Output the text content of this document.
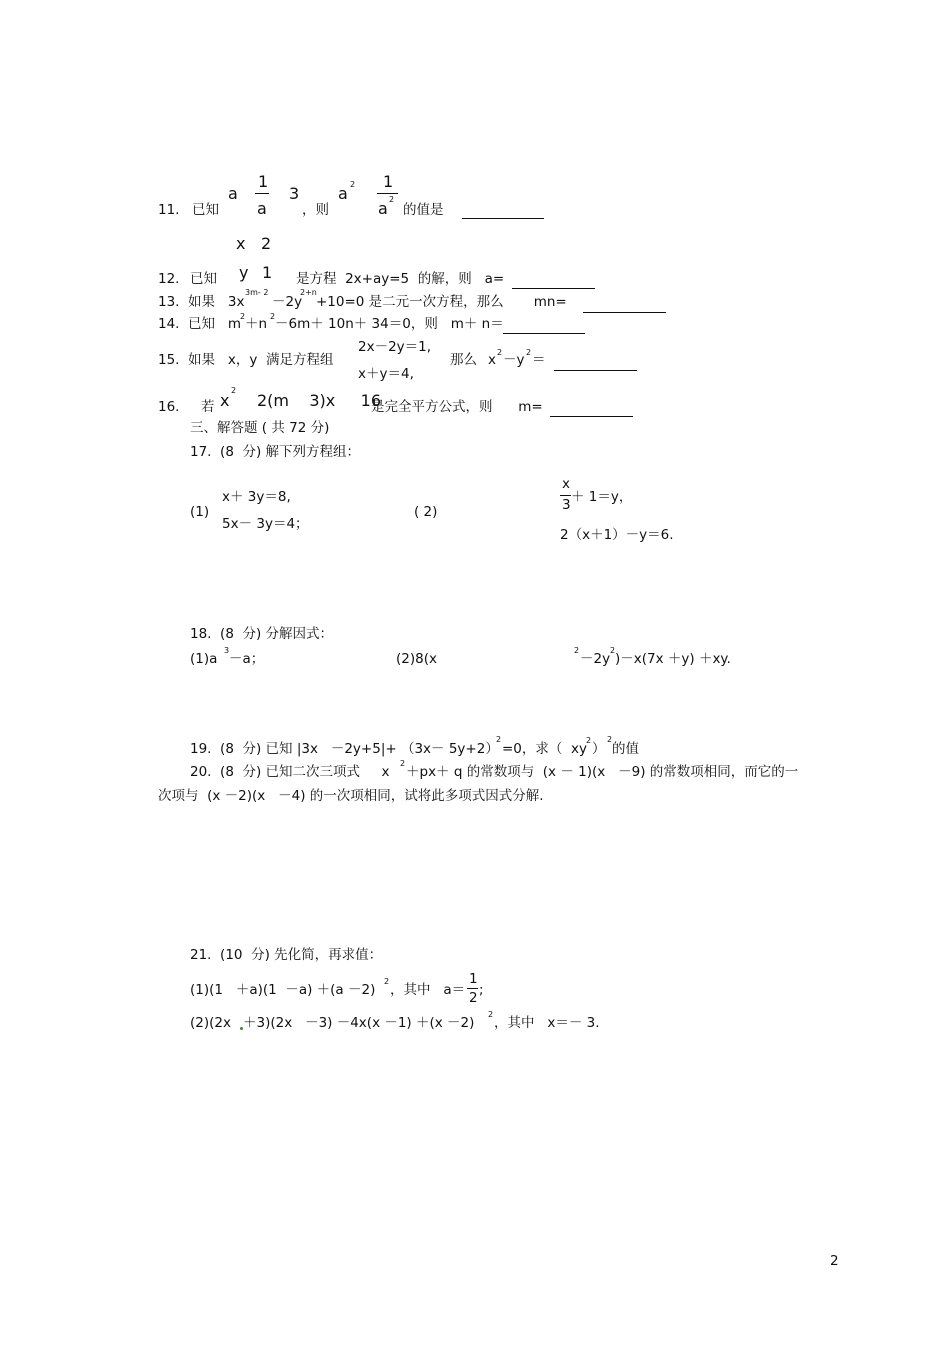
11. 已知
a
1
a
3 a 2 1
a 2
，则	的值是
x 2
12. 已知 y 1 是方程  2x+ay=5  的解，则   a=
13.  如果   3x
3m- 2
－2y
2+n
+10=0 是二元一次方程，那么       mn=
14.  已知   m
2 ＋n 2 －6m＋ 10n＋ 34＝0，则   m＋ n＝
2x－2y＝1,
15.  如果   x，y  满足方程组	那么 x 2 －y 2 ＝
x＋y＝4,
16. 若 x
2
2(m    3)x     16
是完全平方公式，则      m=
三、解答题 ( 共 72 分)
17.  (8  分) 解下列方程组：
x＋ 3y＝8,
(1)
5x－ 3y＝4；
( 2)
x
3 ＋ 1＝y，
2（x＋1）－y＝6.
18.  (8  分) 分解因式：
(1)a
3
－a；	(2)8(x
2
－2y
2
)－x(7x ＋y) ＋xy.
19.  (8  分) 已知 |3x   －2y+5|+ （3x－ 5y+2）
2
=0，求（  xy
2
）
2
的值
20.  (8  分) 已知二次三项式     x
2
＋px＋ q 的常数项与  (x － 1)(x   －9) 的常数项相同，而它的一
次项与  (x －2)(x   －4) 的一次项相同，试将此多项式因式分解.
21.  (10  分) 先化简，再求值：
(1)(1   ＋a)(1  －a) ＋(a －2)
2
，其中   a＝
1
2 ;
(2)(2x ＋3)(2x   －3) －4x(x －1) ＋(x －2)
2
，其中   x＝－ 3.
2
